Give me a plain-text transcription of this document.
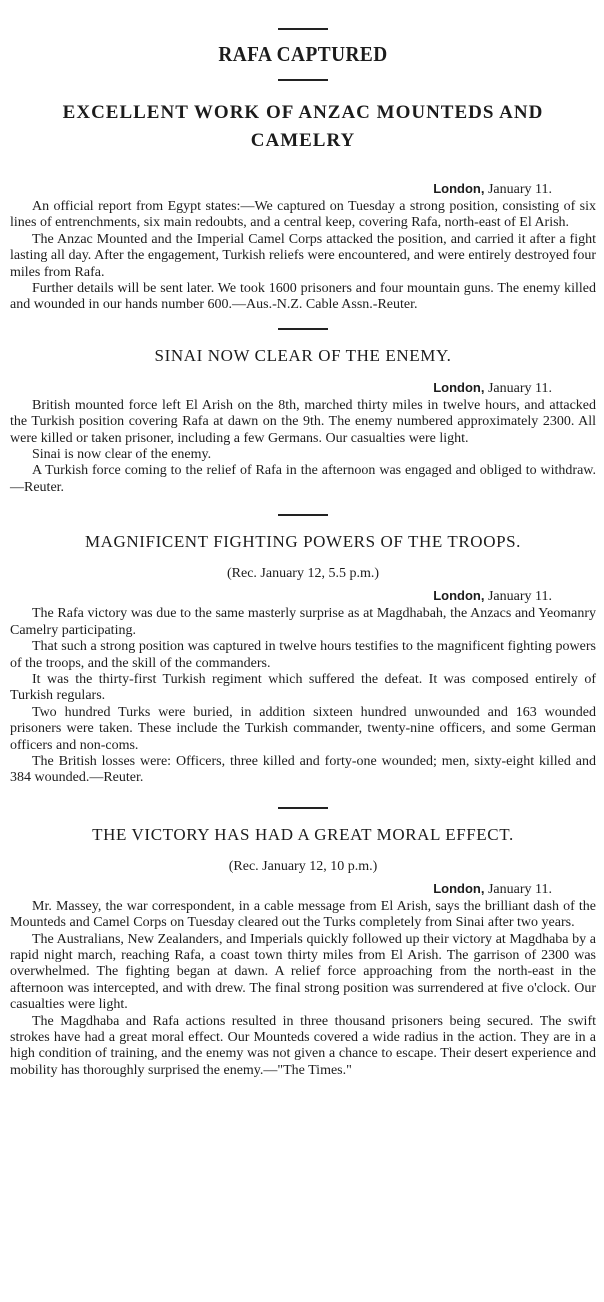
RAFA CAPTURED
EXCELLENT WORK OF ANZAC MOUNTEDS AND CAMELRY
London, January 11.

An official report from Egypt states:—We captured on Tuesday a strong position, consisting of six lines of entrenchments, six main redoubts, and a central keep, covering Rafa, north-east of El Arish.

The Anzac Mounted and the Imperial Camel Corps attacked the position, and carried it after a fight lasting all day. After the engagement, Turkish reliefs were encountered, and were entirely destroyed four miles from Rafa.

Further details will be sent later. We took 1600 prisoners and four mountain guns. The enemy killed and wounded in our hands number 600.—Aus.-N.Z. Cable Assn.-Reuter.

SINAI NOW CLEAR OF THE ENEMY.
London, January 11.

British mounted force left El Arish on the 8th, marched thirty miles in twelve hours, and attacked the Turkish position covering Rafa at dawn on the 9th. The enemy numbered approximately 2300. All were killed or taken prisoner, including a few Germans. Our casualties were light.

Sinai is now clear of the enemy.

A Turkish force coming to the relief of Rafa in the afternoon was engaged and obliged to withdraw.—Reuter.

MAGNIFICENT FIGHTING POWERS OF THE TROOPS.
(Rec. January 12, 5.5 p.m.)
London, January 11.

The Rafa victory was due to the same masterly surprise as at Magdhabah, the Anzacs and Yeomanry Camelry participating.

That such a strong position was captured in twelve hours testifies to the magnificent fighting powers of the troops, and the skill of the commanders.

It was the thirty-first Turkish regiment which suffered the defeat. It was composed entirely of Turkish regulars.

Two hundred Turks were buried, in addition sixteen hundred unwounded and 163 wounded prisoners were taken. These include the Turkish commander, twenty-nine officers, and some German officers and non-coms.

The British losses were: Officers, three killed and forty-one wounded; men, sixty-eight killed and 384 wounded.—Reuter.

THE VICTORY HAS HAD A GREAT MORAL EFFECT.
(Rec. January 12, 10 p.m.)
London, January 11.

Mr. Massey, the war correspondent, in a cable message from El Arish, says the brilliant dash of the Mounteds and Camel Corps on Tuesday cleared out the Turks completely from Sinai after two years.

The Australians, New Zealanders, and Imperials quickly followed up their victory at Magdhaba by a rapid night march, reaching Rafa, a coast town thirty miles from El Arish. The garrison of 2300 was overwhelmed. The fighting began at dawn. A relief force approaching from the north-east in the afternoon was intercepted, and with drew. The final strong position was surrendered at five o'clock. Our casualties were light.

The Magdhaba and Rafa actions resulted in three thousand prisoners being secured. The swift strokes have had a great moral effect. Our Mounteds covered a wide radius in the action. They are in a high condition of training, and the enemy was not given a chance to escape. Their desert experience and mobility has thoroughly surprised the enemy.—"The Times."
